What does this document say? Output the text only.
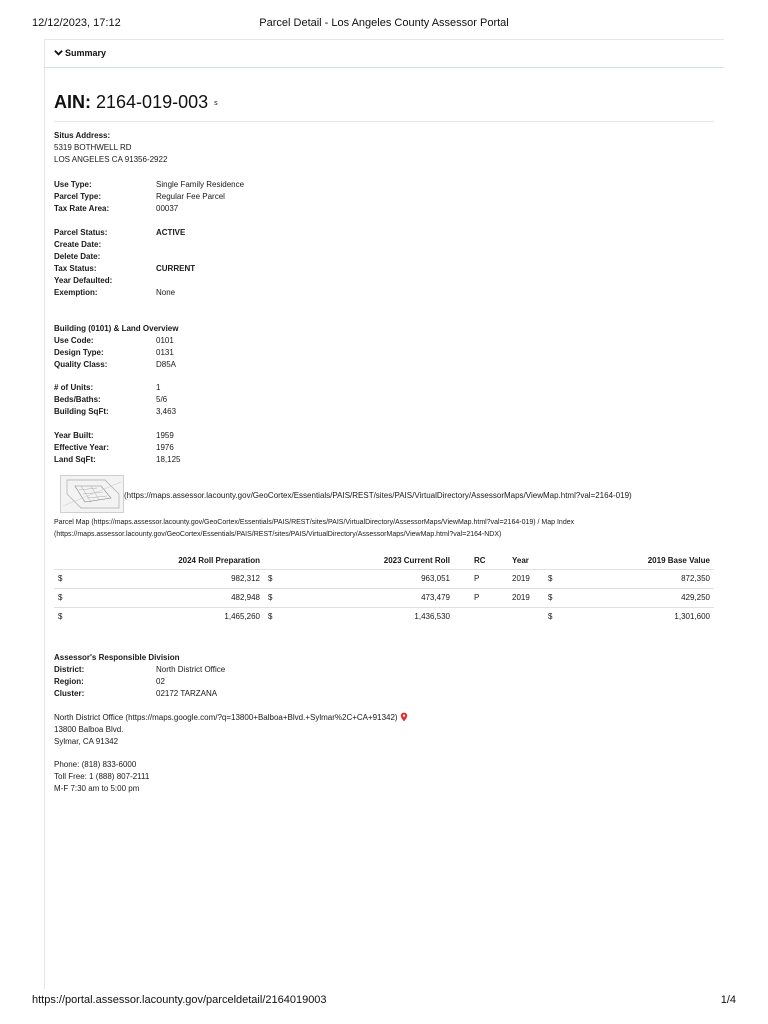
12/12/2023, 17:12	Parcel Detail - Los Angeles County Assessor Portal
Summary
AIN: 2164-019-003 s
Situs Address:
5319 BOTHWELL RD
LOS ANGELES CA 91356-2922
Use Type:	Single Family Residence
Parcel Type:	Regular Fee Parcel
Tax Rate Area:	00037
Parcel Status:	ACTIVE
Create Date:
Delete Date:
Tax Status:	CURRENT
Year Defaulted:
Exemption:	None
Building (0101) & Land Overview
Use Code:	0101
Design Type:	0131
Quality Class:	D85A
# of Units:	1
Beds/Baths:	5/6
Building SqFt:	3,463
Year Built:	1959
Effective Year:	1976
Land SqFt:	18,125
(https://maps.assessor.lacounty.gov/GeoCortex/Essentials/PAIS/REST/sites/PAIS/VirtualDirectory/AssessorMaps/ViewMap.html?val=2164-019)
Parcel Map (https://maps.assessor.lacounty.gov/GeoCortex/Essentials/PAIS/REST/sites/PAIS/VirtualDirectory/AssessorMaps/ViewMap.html?val=2164-019) / Map Index
(https://maps.assessor.lacounty.gov/GeoCortex/Essentials/PAIS/REST/sites/PAIS/VirtualDirectory/AssessorMaps/ViewMap.html?val=2164-NDX)
	2024 Roll Preparation		2023 Current Roll	RC	Year		2019 Base Value
$	982,312	$	963,051	P	2019	$	872,350
$	482,948	$	473,479	P	2019	$	429,250
$	1,465,260	$	1,436,530			$	1,301,600
Assessor's Responsible Division
District:	North District Office
Region:	02
Cluster:	02172 TARZANA
North District Office (https://maps.google.com/?q=13800+Balboa+Blvd.+Sylmar%2C+CA+91342)
13800 Balboa Blvd.
Sylmar, CA 91342
Phone: (818) 833-6000
Toll Free: 1 (888) 807-2111
M-F 7:30 am to 5:00 pm
https://portal.assessor.lacounty.gov/parceldetail/2164019003	1/4
